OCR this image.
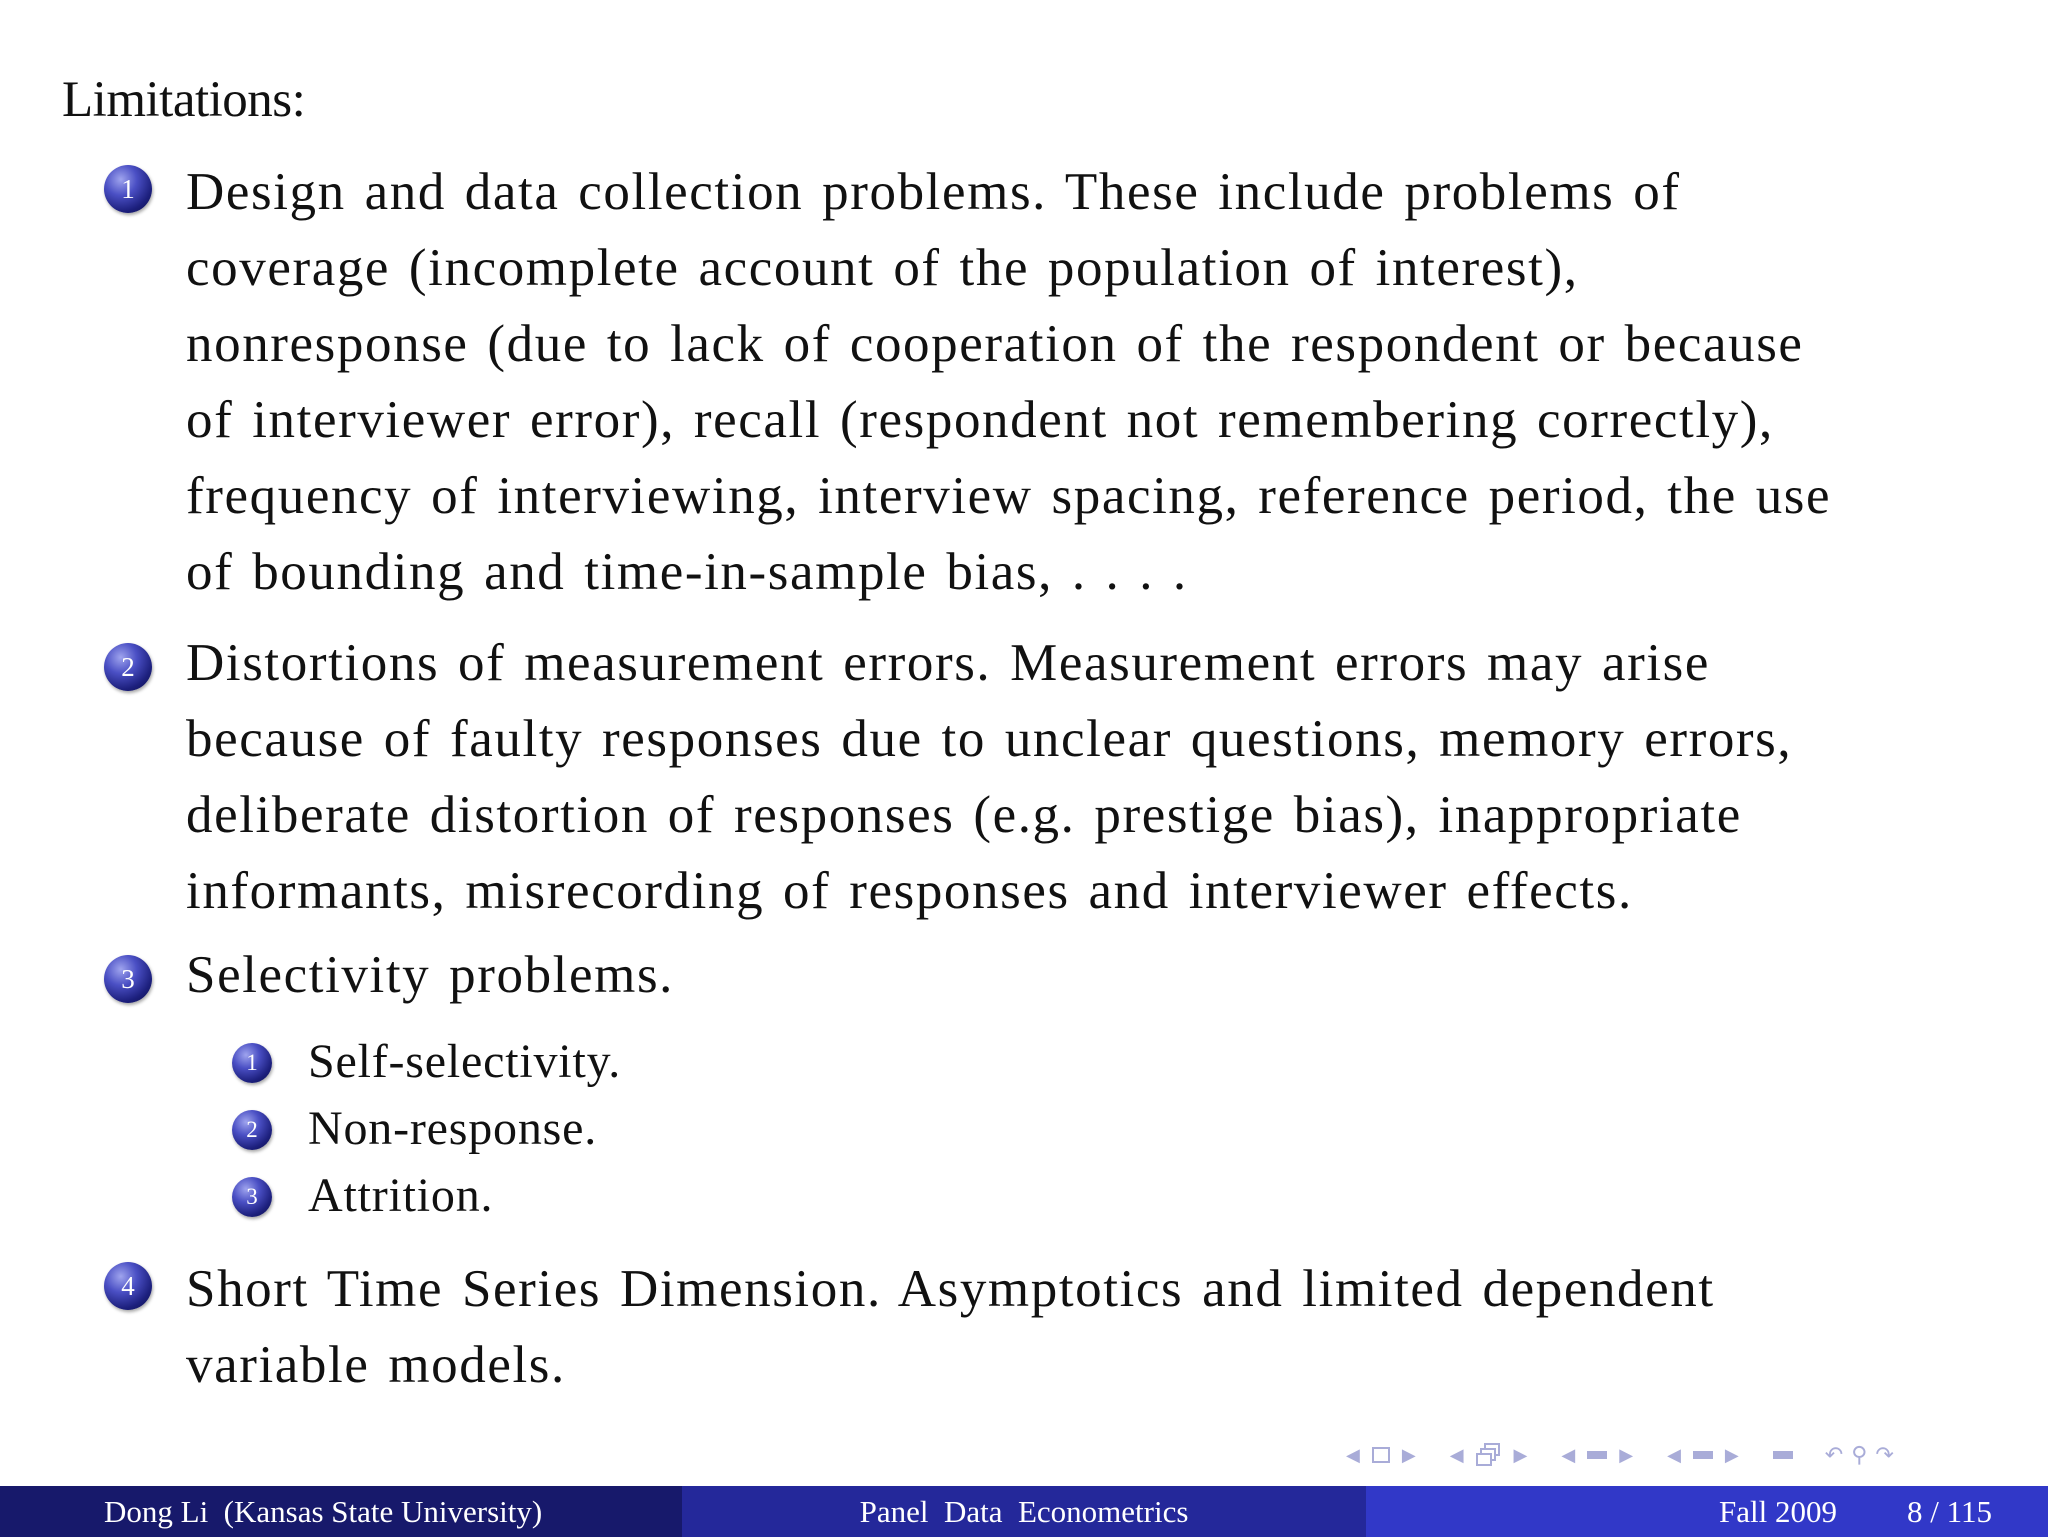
Limitations:
1 Design and data collection problems. These include problems of
coverage (incomplete account of the population of interest),
nonresponse (due to lack of cooperation of the respondent or because
of interviewer error), recall (respondent not remembering correctly),
frequency of interviewing, interview spacing, reference period, the use
of bounding and time-in-sample bias, . . . .
2 Distortions of measurement errors. Measurement errors may arise
because of faulty responses due to unclear questions, memory errors,
deliberate distortion of responses (e.g. prestige bias), inappropriate
informants, misrecording of responses and interviewer effects.
3 Selectivity problems.
1 Self-selectivity.
2 Non-response.
3 Attrition.
4 Short Time Series Dimension. Asymptotics and limited dependent
variable models.
◀ ▶ ◀	▶ ◀ ▶ ◀ ▶	↶ ⚲ ↷
Dong Li  (Kansas State University)	Panel  Data  Econometrics	Fall 2009 8 / 115
